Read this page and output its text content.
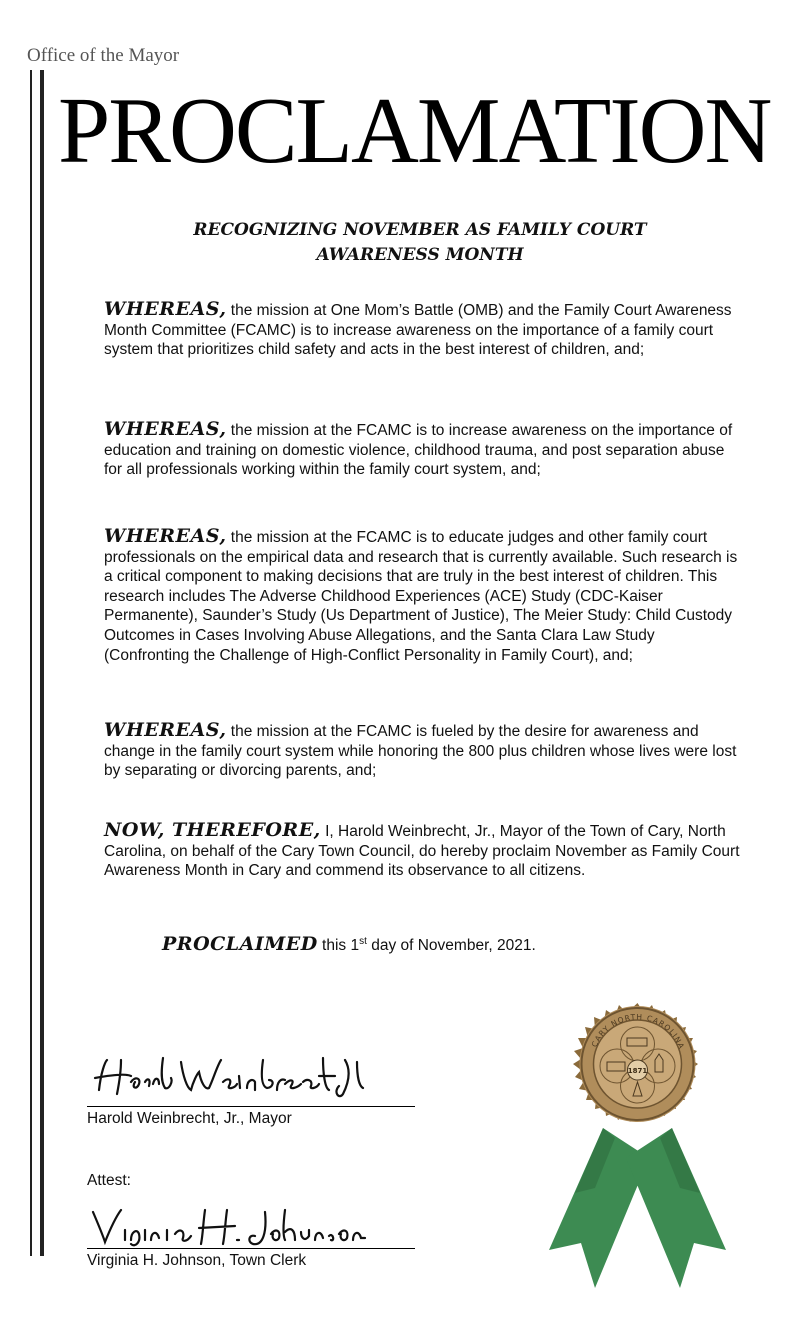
Office of the Mayor
PROCLAMATION
RECOGNIZING NOVEMBER AS FAMILY COURT
AWARENESS MONTH
WHEREAS, the mission at One Mom’s Battle (OMB) and the Family Court Awareness Month Committee (FCAMC) is to increase awareness on the importance of a family court system that prioritizes child safety and acts in the best interest of children, and;
WHEREAS, the mission at the FCAMC is to increase awareness on the importance of education and training on domestic violence, childhood trauma, and post separation abuse for all professionals working within the family court system, and;
WHEREAS, the mission at the FCAMC is to educate judges and other family court professionals on the empirical data and research that is currently available. Such research is a critical component to making decisions that are truly in the best interest of children. This research includes The Adverse Childhood Experiences (ACE) Study (CDC-Kaiser Permanente), Saunder’s Study (Us Department of Justice), The Meier Study: Child Custody Outcomes in Cases Involving Abuse Allegations, and the Santa Clara Law Study (Confronting the Challenge of High-Conflict Personality in Family Court), and;
WHEREAS, the mission at the FCAMC is fueled by the desire for awareness and change in the family court system while honoring the 800 plus children whose lives were lost by separating or divorcing parents, and;
NOW, THEREFORE, I, Harold Weinbrecht, Jr., Mayor of the Town of Cary, North Carolina, on behalf of the Cary Town Council, do hereby proclaim November as Family Court Awareness Month in Cary and commend its observance to all citizens.
PROCLAIMED this 1st day of November, 2021.
Harold Weinbrecht, Jr., Mayor
Attest:
Virginia H. Johnson, Town Clerk
CARY NORTH CAROLINA
1871
